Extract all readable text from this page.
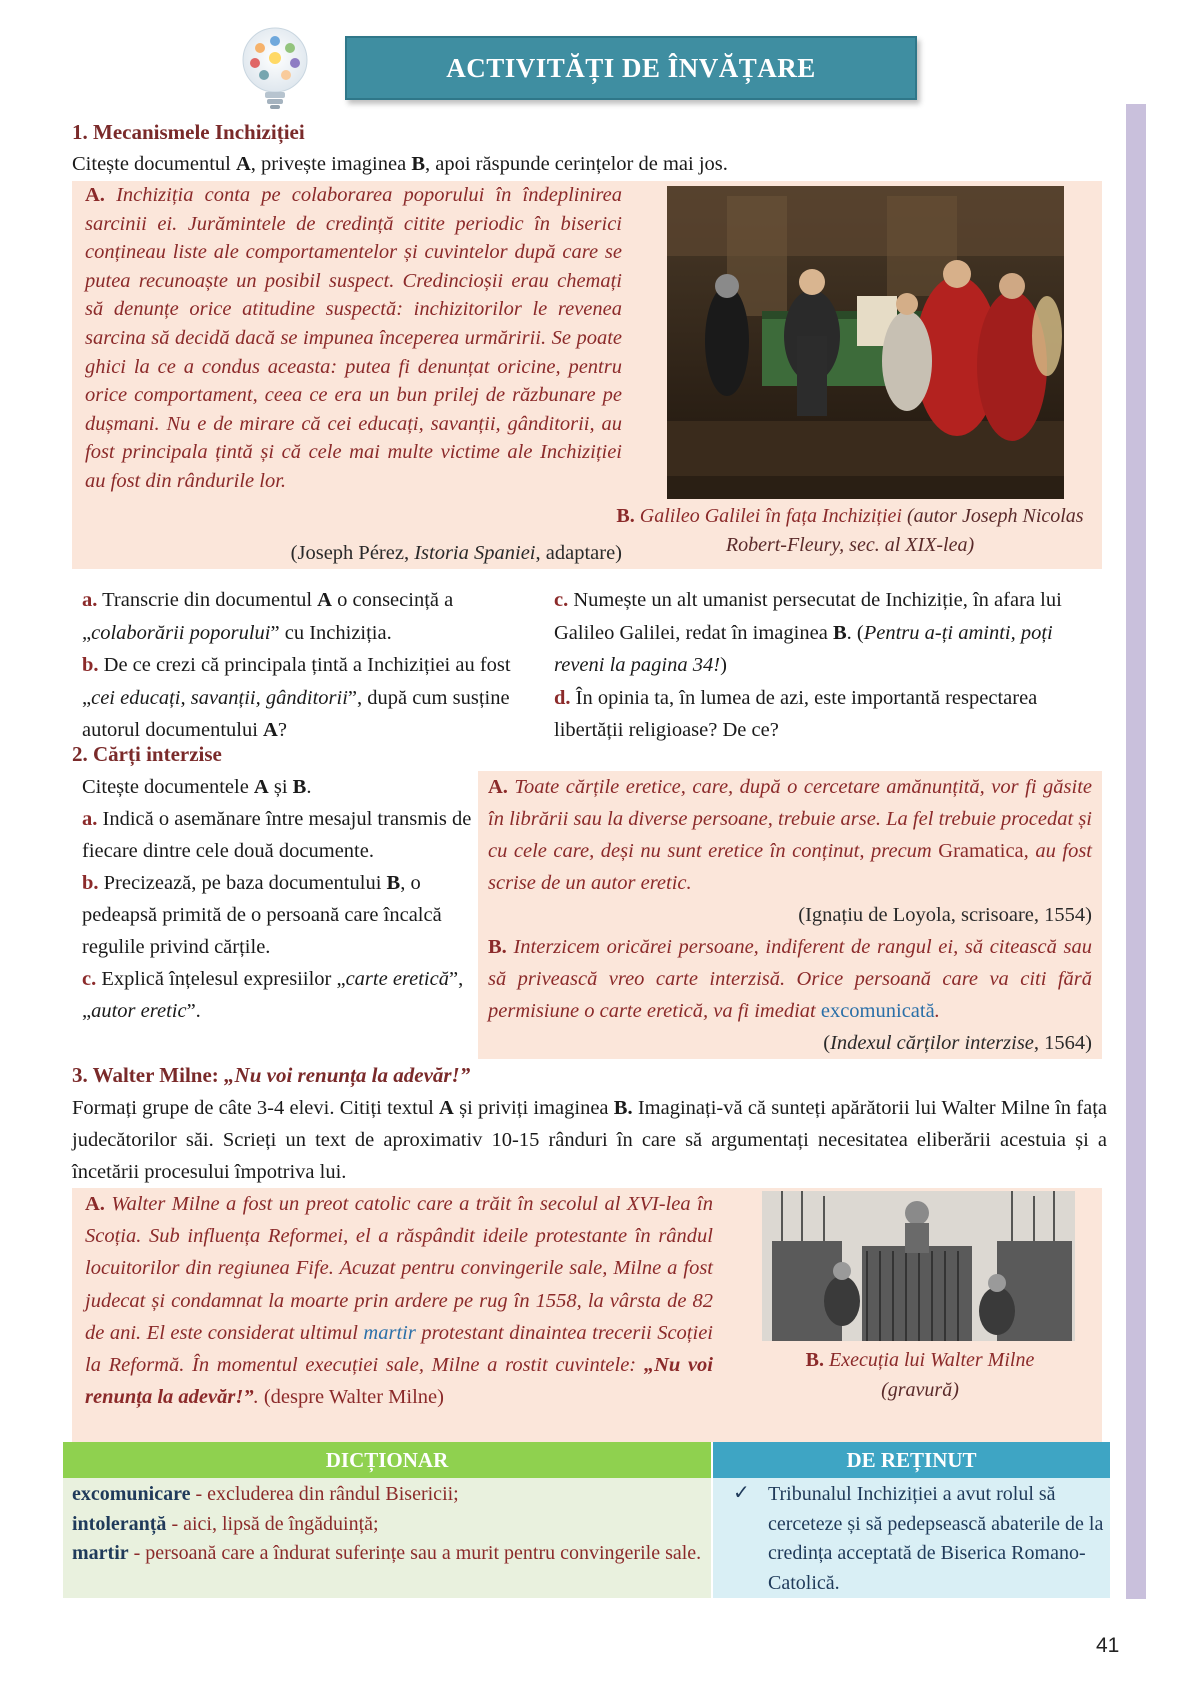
ACTIVITĂȚI DE ÎNVĂȚARE
1. Mecanismele Inchiziției
Citește documentul A, privește imaginea B, apoi răspunde cerințelor de mai jos.
A. Inchiziția conta pe colaborarea poporului în îndeplinirea sarcinii ei. Jurămintele de credință citite periodic în biserici conțineau liste ale comportamentelor și cuvintelor după care se putea recunoaște un posibil suspect. Credincioșii erau chemați să denunțe orice atitudine suspectă: inchizitorilor le revenea sarcina să decidă dacă se impunea începerea urmăririi. Se poate ghici la ce a condus aceasta: putea fi denunțat oricine, pentru orice comportament, ceea ce era un bun prilej de răzbunare pe dușmani. Nu e de mirare că cei educați, savanții, gânditorii, au fost principala țintă și că cele mai multe victime ale Inchiziției au fost din rândurile lor.
(Joseph Pérez, Istoria Spaniei, adaptare)
B. Galileo Galilei în fața Inchiziției (autor Joseph Nicolas Robert-Fleury, sec. al XIX-lea)
a. Transcrie din documentul A o consecință a „colaborării poporului” cu Inchiziția.
b. De ce crezi că principala țintă a Inchiziției au fost „cei educați, savanții, gânditorii”, după cum susține autorul documentului A?
c. Numește un alt umanist persecutat de Inchiziție, în afara lui Galileo Galilei, redat în imaginea B. (Pentru a-ți aminti, poți reveni la pagina 34!)
d. În opinia ta, în lumea de azi, este importantă respectarea libertății religioase? De ce?
2. Cărți interzise
Citește documentele A și B.
a. Indică o asemănare între mesajul transmis de fiecare dintre cele două documente.
b. Precizează, pe baza documentului B, o pedeapsă primită de o persoană care încalcă regulile privind cărțile.
c. Explică înțelesul expresiilor „carte eretică”, „autor eretic”.
A. Toate cărțile eretice, care, după o cercetare amănunțită, vor fi găsite în librării sau la diverse persoane, trebuie arse. La fel trebuie procedat și cu cele care, deși nu sunt eretice în conținut, precum Gramatica, au fost scrise de un autor eretic.
(Ignațiu de Loyola, scrisoare, 1554)
B. Interzicem oricărei persoane, indiferent de rangul ei, să citească sau să privească vreo carte interzisă. Orice persoană care va citi fără permisiune o carte eretică, va fi imediat excomunicată.
(Indexul cărților interzise, 1564)
3. Walter Milne: „Nu voi renunța la adevăr!”
Formați grupe de câte 3-4 elevi. Citiți textul A și priviți imaginea B. Imaginați-vă că sunteți apărătorii lui Walter Milne în fața judecătorilor săi. Scrieți un text de aproximativ 10-15 rânduri în care să argumentați necesitatea eliberării acestuia și a încetării procesului împotriva lui.
A. Walter Milne a fost un preot catolic care a trăit în secolul al XVI-lea în Scoția. Sub influența Reformei, el a răspândit ideile protestante în rândul locuitorilor din regiunea Fife. Acuzat pentru convingerile sale, Milne a fost judecat și condamnat la moarte prin ardere pe rug în 1558, la vârsta de 82 de ani. El este considerat ultimul martir protestant dinaintea trecerii Scoției la Reformă. În momentul execuției sale, Milne a rostit cuvintele: „Nu voi renunța la adevăr!”. (despre Walter Milne)
B. Execuția lui Walter Milne
(gravură)
DICȚIONAR	DE REȚINUT
excomunicare - excluderea din rândul Bisericii;
intoleranță - aici, lipsă de îngăduință;
martir - persoană care a îndurat suferințe sau a murit pentru convingerile sale.
✓ Tribunalul Inchiziției a avut rolul să cerceteze și să pedepsească abaterile de la credința acceptată de Biserica Romano-Catolică.
41
